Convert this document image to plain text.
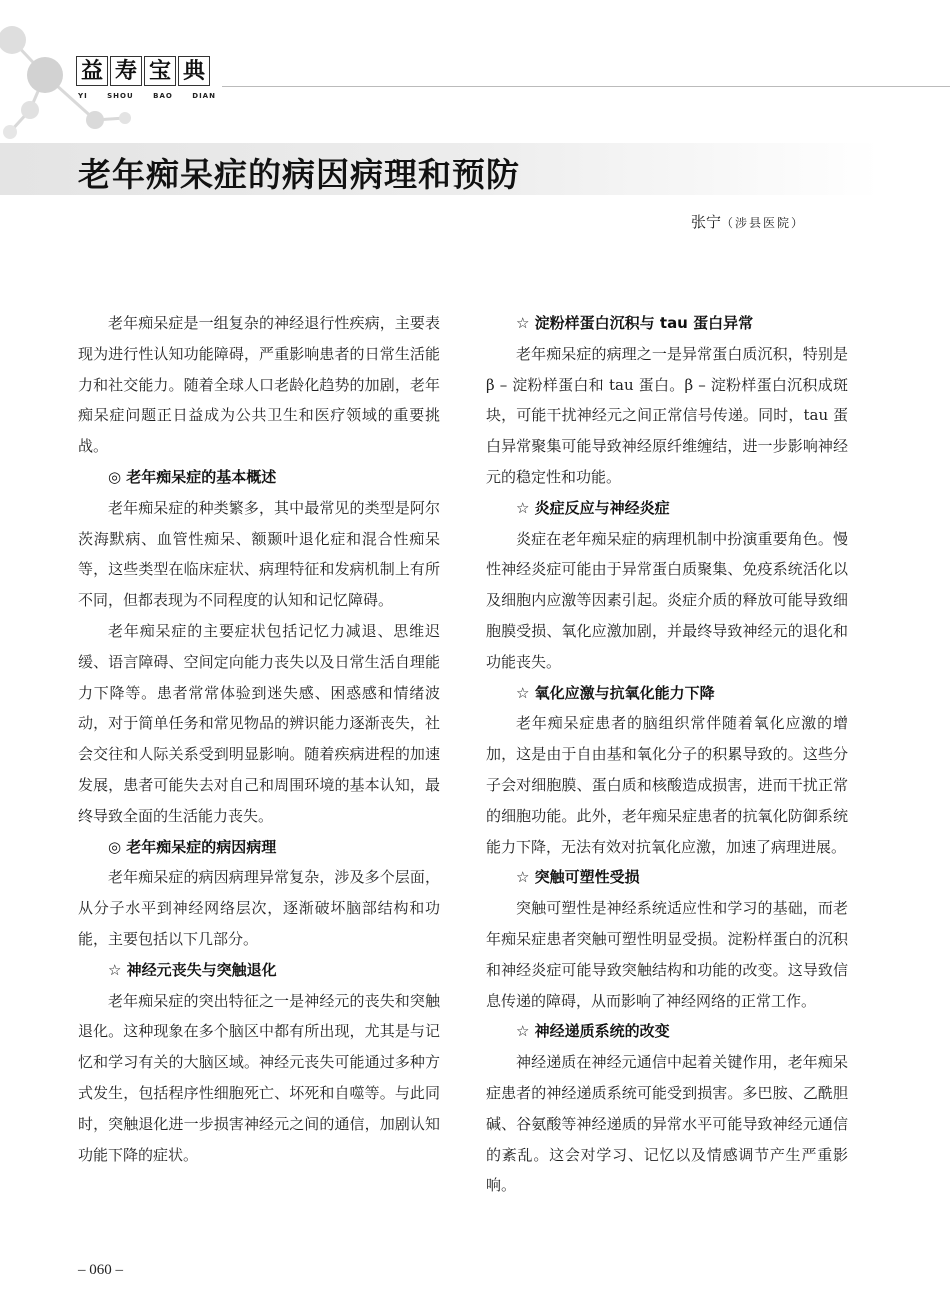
益 寿 宝 典
YI	SHOU	BAO	DIAN
老年痴呆症的病因病理和预防
张宁（涉县医院）

老年痴呆症是一组复杂的神经退行性疾病，主要表现为进行性认知功能障碍，严重影响患者的日常生活能力和社交能力。随着全球人口老龄化趋势的加剧，老年痴呆症问题正日益成为公共卫生和医疗领域的重要挑战。

◎ 老年痴呆症的基本概述

老年痴呆症的种类繁多，其中最常见的类型是阿尔茨海默病、血管性痴呆、额颞叶退化症和混合性痴呆等，这些类型在临床症状、病理特征和发病机制上有所不同，但都表现为不同程度的认知和记忆障碍。

老年痴呆症的主要症状包括记忆力减退、思维迟缓、语言障碍、空间定向能力丧失以及日常生活自理能力下降等。患者常常体验到迷失感、困惑感和情绪波动，对于简单任务和常见物品的辨识能力逐渐丧失，社会交往和人际关系受到明显影响。随着疾病进程的加速发展，患者可能失去对自己和周围环境的基本认知，最终导致全面的生活能力丧失。

◎ 老年痴呆症的病因病理

老年痴呆症的病因病理异常复杂，涉及多个层面，从分子水平到神经网络层次，逐渐破坏脑部结构和功能，主要包括以下几部分。

☆ 神经元丧失与突触退化

老年痴呆症的突出特征之一是神经元的丧失和突触退化。这种现象在多个脑区中都有所出现，尤其是与记忆和学习有关的大脑区域。神经元丧失可能通过多种方式发生，包括程序性细胞死亡、坏死和自噬等。与此同时，突触退化进一步损害神经元之间的通信，加剧认知功能下降的症状。

☆ 淀粉样蛋白沉积与 tau 蛋白异常

老年痴呆症的病理之一是异常蛋白质沉积，特别是 β – 淀粉样蛋白和 tau 蛋白。β – 淀粉样蛋白沉积成斑块，可能干扰神经元之间正常信号传递。同时，tau 蛋白异常聚集可能导致神经原纤维缠结，进一步影响神经元的稳定性和功能。

☆ 炎症反应与神经炎症

炎症在老年痴呆症的病理机制中扮演重要角色。慢性神经炎症可能由于异常蛋白质聚集、免疫系统活化以及细胞内应激等因素引起。炎症介质的释放可能导致细胞膜受损、氧化应激加剧，并最终导致神经元的退化和功能丧失。

☆ 氧化应激与抗氧化能力下降

老年痴呆症患者的脑组织常伴随着氧化应激的增加，这是由于自由基和氧化分子的积累导致的。这些分子会对细胞膜、蛋白质和核酸造成损害，进而干扰正常的细胞功能。此外，老年痴呆症患者的抗氧化防御系统能力下降，无法有效对抗氧化应激，加速了病理进展。

☆ 突触可塑性受损

突触可塑性是神经系统适应性和学习的基础，而老年痴呆症患者突触可塑性明显受损。淀粉样蛋白的沉积和神经炎症可能导致突触结构和功能的改变。这导致信息传递的障碍，从而影响了神经网络的正常工作。

☆ 神经递质系统的改变

神经递质在神经元通信中起着关键作用，老年痴呆症患者的神经递质系统可能受到损害。多巴胺、乙酰胆碱、谷氨酸等神经递质的异常水平可能导致神经元通信的紊乱。这会对学习、记忆以及情感调节产生严重影响。

– 060 –
